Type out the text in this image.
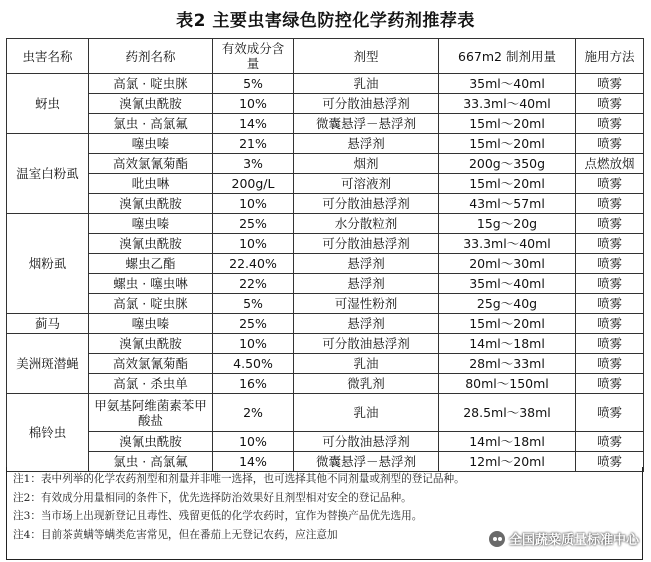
表2 主要虫害绿色防控化学药剂推荐表
虫害名称	药剂名称	有效成分含量	剂型	667m2 制剂用量	施用方法
蚜虫	高氯 · 啶虫脒	5%	乳油	35ml～40ml	喷雾
	溴氰虫酰胺	10%	可分散油悬浮剂	33.3ml～40ml	喷雾
	氯虫 · 高氯氟	14%	微囊悬浮－悬浮剂	15ml～20ml	喷雾
温室白粉虱	噻虫嗪	21%	悬浮剂	15ml～20ml	喷雾
	高效氯氰菊酯	3%	烟剂	200g～350g	点燃放烟
	吡虫啉	200g/L	可溶液剂	15ml～20ml	喷雾
	溴氰虫酰胺	10%	可分散油悬浮剂	43ml～57ml	喷雾
烟粉虱	噻虫嗪	25%	水分散粒剂	15g～20g	喷雾
	溴氰虫酰胺	10%	可分散油悬浮剂	33.3ml～40ml	喷雾
	螺虫乙酯	22.40%	悬浮剂	20ml～30ml	喷雾
	螺虫 · 噻虫啉	22%	悬浮剂	35ml～40ml	喷雾
	高氯 · 啶虫脒	5%	可湿性粉剂	25g～40g	喷雾
蓟马	噻虫嗪	25%	悬浮剂	15ml～20ml	喷雾
美洲斑潜蝇	溴氰虫酰胺	10%	可分散油悬浮剂	14ml～18ml	喷雾
	高效氯氰菊酯	4.50%	乳油	28ml～33ml	喷雾
	高氯 · 杀虫单	16%	微乳剂	80ml～150ml	喷雾
棉铃虫	甲氨基阿维菌素苯甲酸盐	2%	乳油	28.5ml～38ml	喷雾
	溴氰虫酰胺	10%	可分散油悬浮剂	14ml～18ml	喷雾
	氯虫 · 高氯氟	14%	微囊悬浮－悬浮剂	12ml～20ml	喷雾
注1：表中列举的化学农药剂型和剂量并非唯一选择，也可选择其他不同剂量或剂型的登记品种。
注2：有效成分用量相同的条件下，优先选择防治效果好且剂型相对安全的登记品种。
注3：当市场上出现新登记且毒性、残留更低的化学农药时，宜作为替换产品优先选用。
注4：目前茶黄螨等螨类危害常见，但在番茄上无登记农药，应注意加	全国蔬菜质量标准中心
